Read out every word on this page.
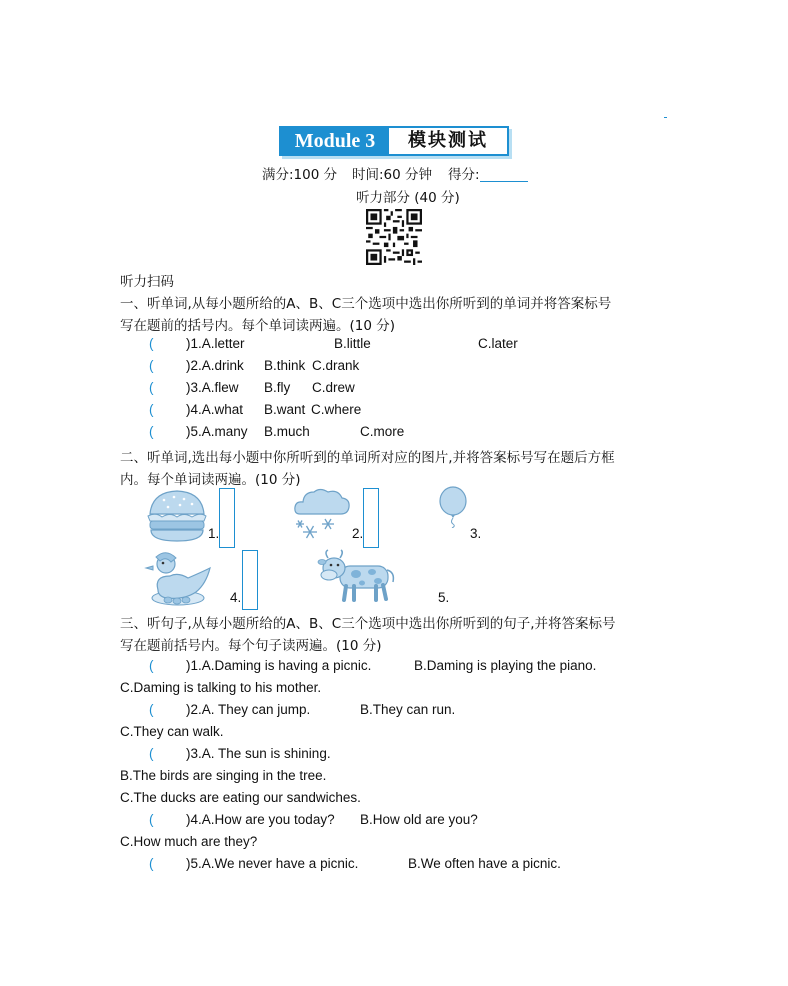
Module 3	模块测试
满分:100 分 时间:60 分钟 得分:
听力部分 (40 分)
听力扫码
一、听单词,从每小题所给的A、B、C三个选项中选出你所听到的单词并将答案标号
写在题前的括号内。每个单词读两遍。(10 分)
( )1.A.letter	B.little	C.later
( )2.A.drink B.think C.drank
( )3.A.flew B.fly C.drew
( )4.A.what B.want C.where
( )5.A.many B.much	C.more
二、听单词,选出每小题中你所听到的单词所对应的图片,并将答案标号写在题后方框
内。每个单词读两遍。(10 分)
1.	2.	3.
4.	5.
三、听句子,从每小题所给的A、B、C三个选项中选出你所听到的句子,并将答案标号
写在题前括号内。每个句子读两遍。(10 分)
( )1.A.Daming is having a picnic.	B.Daming is playing the piano.
C.Daming is talking to his mother.
( )2.A. They can jump.	B.They can run.
C.They can walk.
( )3.A. The sun is shining.
B.The birds are singing in the tree.
C.The ducks are eating our sandwiches.
( )4.A.How are you today? B.How old are you?
C.How much are they?
( )5.A.We never have a picnic.	B.We often have a picnic.
